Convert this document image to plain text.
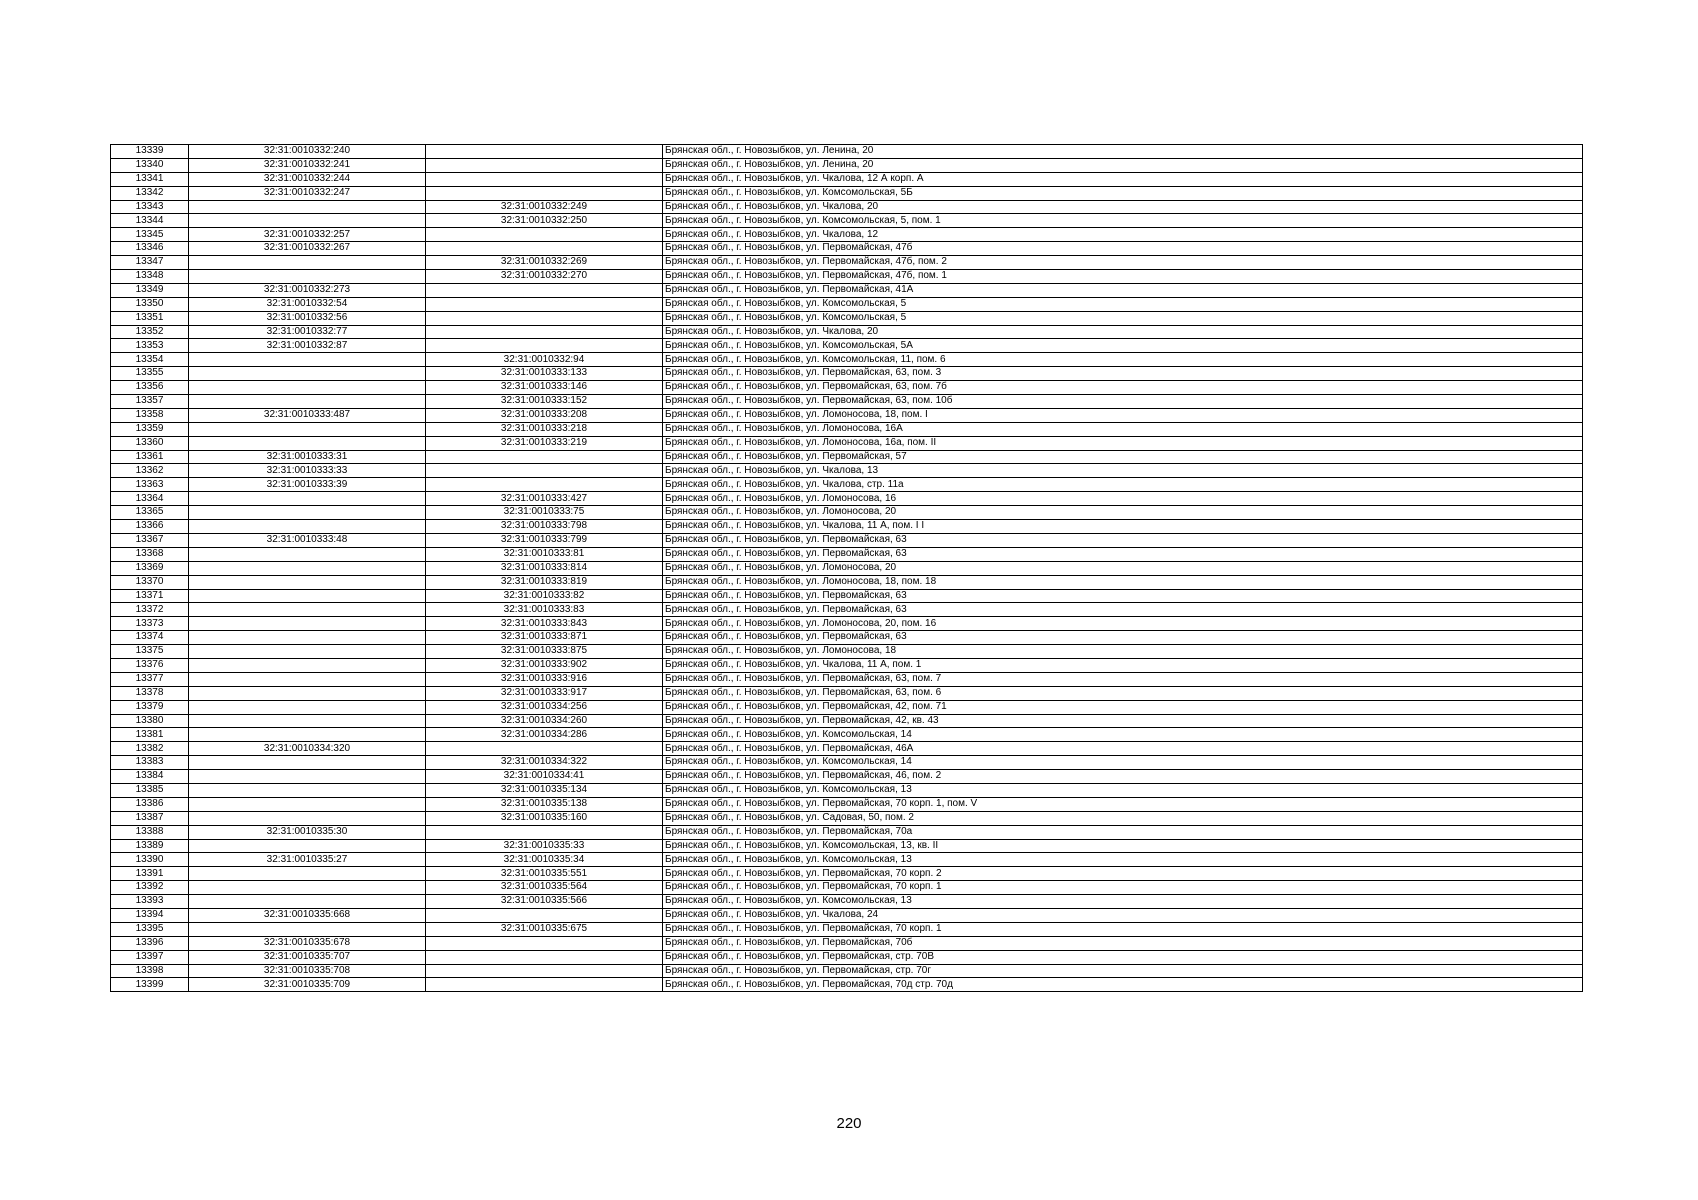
13339	32:31:0010332:240		Брянская обл., г. Новозыбков, ул. Ленина, 20
13340	32:31:0010332:241		Брянская обл., г. Новозыбков, ул. Ленина, 20
13341	32:31:0010332:244		Брянская обл., г. Новозыбков, ул. Чкалова, 12 А корп. А
13342	32:31:0010332:247		Брянская обл., г. Новозыбков, ул. Комсомольская, 5Б
13343		32:31:0010332:249	Брянская обл., г. Новозыбков, ул. Чкалова, 20
13344		32:31:0010332:250	Брянская обл., г. Новозыбков, ул. Комсомольская, 5, пом. 1
13345	32:31:0010332:257		Брянская обл., г. Новозыбков, ул. Чкалова, 12
13346	32:31:0010332:267		Брянская обл., г. Новозыбков, ул. Первомайская, 47б
13347		32:31:0010332:269	Брянская обл., г. Новозыбков, ул. Первомайская, 47б, пом. 2
13348		32:31:0010332:270	Брянская обл., г. Новозыбков, ул. Первомайская, 47б, пом. 1
13349	32:31:0010332:273		Брянская обл., г. Новозыбков, ул. Первомайская, 41А
13350	32:31:0010332:54		Брянская обл., г. Новозыбков, ул. Комсомольская, 5
13351	32:31:0010332:56		Брянская обл., г. Новозыбков, ул. Комсомольская, 5
13352	32:31:0010332:77		Брянская обл., г. Новозыбков, ул. Чкалова, 20
13353	32:31:0010332:87		Брянская обл., г. Новозыбков, ул. Комсомольская, 5А
13354		32:31:0010332:94	Брянская обл., г. Новозыбков, ул. Комсомольская, 11, пом. 6
13355		32:31:0010333:133	Брянская обл., г. Новозыбков, ул. Первомайская, 63, пом. 3
13356		32:31:0010333:146	Брянская обл., г. Новозыбков, ул. Первомайская, 63, пом. 7б
13357		32:31:0010333:152	Брянская обл., г. Новозыбков, ул. Первомайская, 63, пом. 10б
13358	32:31:0010333:487	32:31:0010333:208	Брянская обл., г. Новозыбков, ул. Ломоносова, 18, пом. I
13359		32:31:0010333:218	Брянская обл., г. Новозыбков, ул. Ломоносова, 16А
13360		32:31:0010333:219	Брянская обл., г. Новозыбков, ул. Ломоносова, 16а, пом. II
13361	32:31:0010333:31		Брянская обл., г. Новозыбков, ул. Первомайская, 57
13362	32:31:0010333:33		Брянская обл., г. Новозыбков, ул. Чкалова, 13
13363	32:31:0010333:39		Брянская обл., г. Новозыбков, ул. Чкалова, стр. 11а
13364		32:31:0010333:427	Брянская обл., г. Новозыбков, ул. Ломоносова, 16
13365		32:31:0010333:75	Брянская обл., г. Новозыбков, ул. Ломоносова, 20
13366		32:31:0010333:798	Брянская обл., г. Новозыбков, ул. Чкалова, 11 А, пом. I I
13367	32:31:0010333:48	32:31:0010333:799	Брянская обл., г. Новозыбков, ул. Первомайская, 63
13368		32:31:0010333:81	Брянская обл., г. Новозыбков, ул. Первомайская, 63
13369		32:31:0010333:814	Брянская обл., г. Новозыбков, ул. Ломоносова, 20
13370		32:31:0010333:819	Брянская обл., г. Новозыбков, ул. Ломоносова, 18, пом. 18
13371		32:31:0010333:82	Брянская обл., г. Новозыбков, ул. Первомайская, 63
13372		32:31:0010333:83	Брянская обл., г. Новозыбков, ул. Первомайская, 63
13373		32:31:0010333:843	Брянская обл., г. Новозыбков, ул. Ломоносова, 20, пом. 16
13374		32:31:0010333:871	Брянская обл., г. Новозыбков, ул. Первомайская, 63
13375		32:31:0010333:875	Брянская обл., г. Новозыбков, ул. Ломоносова, 18
13376		32:31:0010333:902	Брянская обл., г. Новозыбков, ул. Чкалова, 11 А, пом. 1
13377		32:31:0010333:916	Брянская обл., г. Новозыбков, ул. Первомайская, 63, пом. 7
13378		32:31:0010333:917	Брянская обл., г. Новозыбков, ул. Первомайская, 63, пом. 6
13379		32:31:0010334:256	Брянская обл., г. Новозыбков, ул. Первомайская, 42, пом. 71
13380		32:31:0010334:260	Брянская обл., г. Новозыбков, ул. Первомайская, 42, кв. 43
13381		32:31:0010334:286	Брянская обл., г. Новозыбков, ул. Комсомольская, 14
13382	32:31:0010334:320		Брянская обл., г. Новозыбков, ул. Первомайская, 46А
13383		32:31:0010334:322	Брянская обл., г. Новозыбков, ул. Комсомольская, 14
13384		32:31:0010334:41	Брянская обл., г. Новозыбков, ул. Первомайская, 46, пом. 2
13385		32:31:0010335:134	Брянская обл., г. Новозыбков, ул. Комсомольская, 13
13386		32:31:0010335:138	Брянская обл., г. Новозыбков, ул. Первомайская, 70 корп. 1, пом. V
13387		32:31:0010335:160	Брянская обл., г. Новозыбков, ул. Садовая, 50, пом. 2
13388	32:31:0010335:30		Брянская обл., г. Новозыбков, ул. Первомайская, 70а
13389		32:31:0010335:33	Брянская обл., г. Новозыбков, ул. Комсомольская, 13, кв. II
13390	32:31:0010335:27	32:31:0010335:34	Брянская обл., г. Новозыбков, ул. Комсомольская, 13
13391		32:31:0010335:551	Брянская обл., г. Новозыбков, ул. Первомайская, 70 корп. 2
13392		32:31:0010335:564	Брянская обл., г. Новозыбков, ул. Первомайская, 70 корп. 1
13393		32:31:0010335:566	Брянская обл., г. Новозыбков, ул. Комсомольская, 13
13394	32:31:0010335:668		Брянская обл., г. Новозыбков, ул. Чкалова, 24
13395		32:31:0010335:675	Брянская обл., г. Новозыбков, ул. Первомайская, 70 корп. 1
13396	32:31:0010335:678		Брянская обл., г. Новозыбков, ул. Первомайская, 70б
13397	32:31:0010335:707		Брянская обл., г. Новозыбков, ул. Первомайская, стр. 70В
13398	32:31:0010335:708		Брянская обл., г. Новозыбков, ул. Первомайская, стр. 70г
13399	32:31:0010335:709		Брянская обл., г. Новозыбков, ул. Первомайская, 70д стр. 70д
220
